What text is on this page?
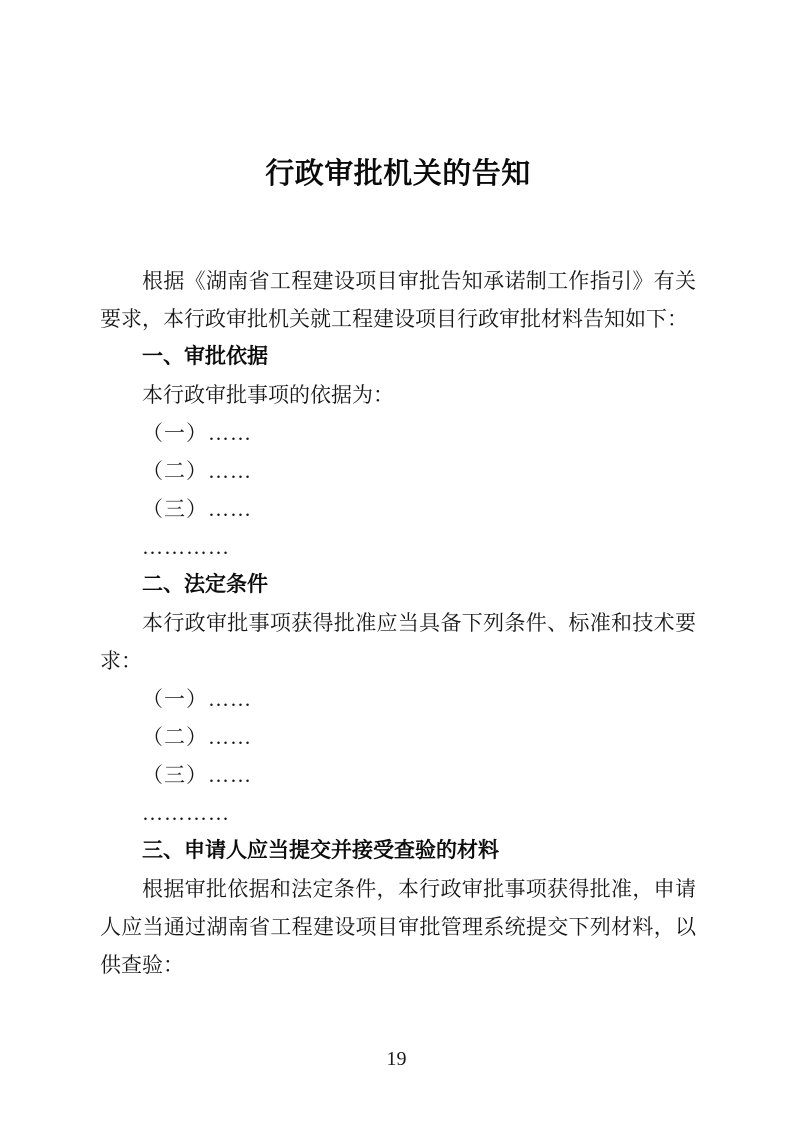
行政审批机关的告知

根据《湖南省工程建设项目审批告知承诺制工作指引》有关要求，本行政审批机关就工程建设项目行政审批材料告知如下：

一、审批依据

本行政审批事项的依据为：

（一）……

（二）……

（三）……

…………

二、法定条件

本行政审批事项获得批准应当具备下列条件、标准和技术要求：

（一）……

（二）……

（三）……

…………

三、申请人应当提交并接受查验的材料

根据审批依据和法定条件，本行政审批事项获得批准，申请人应当通过湖南省工程建设项目审批管理系统提交下列材料，以供查验：

19
